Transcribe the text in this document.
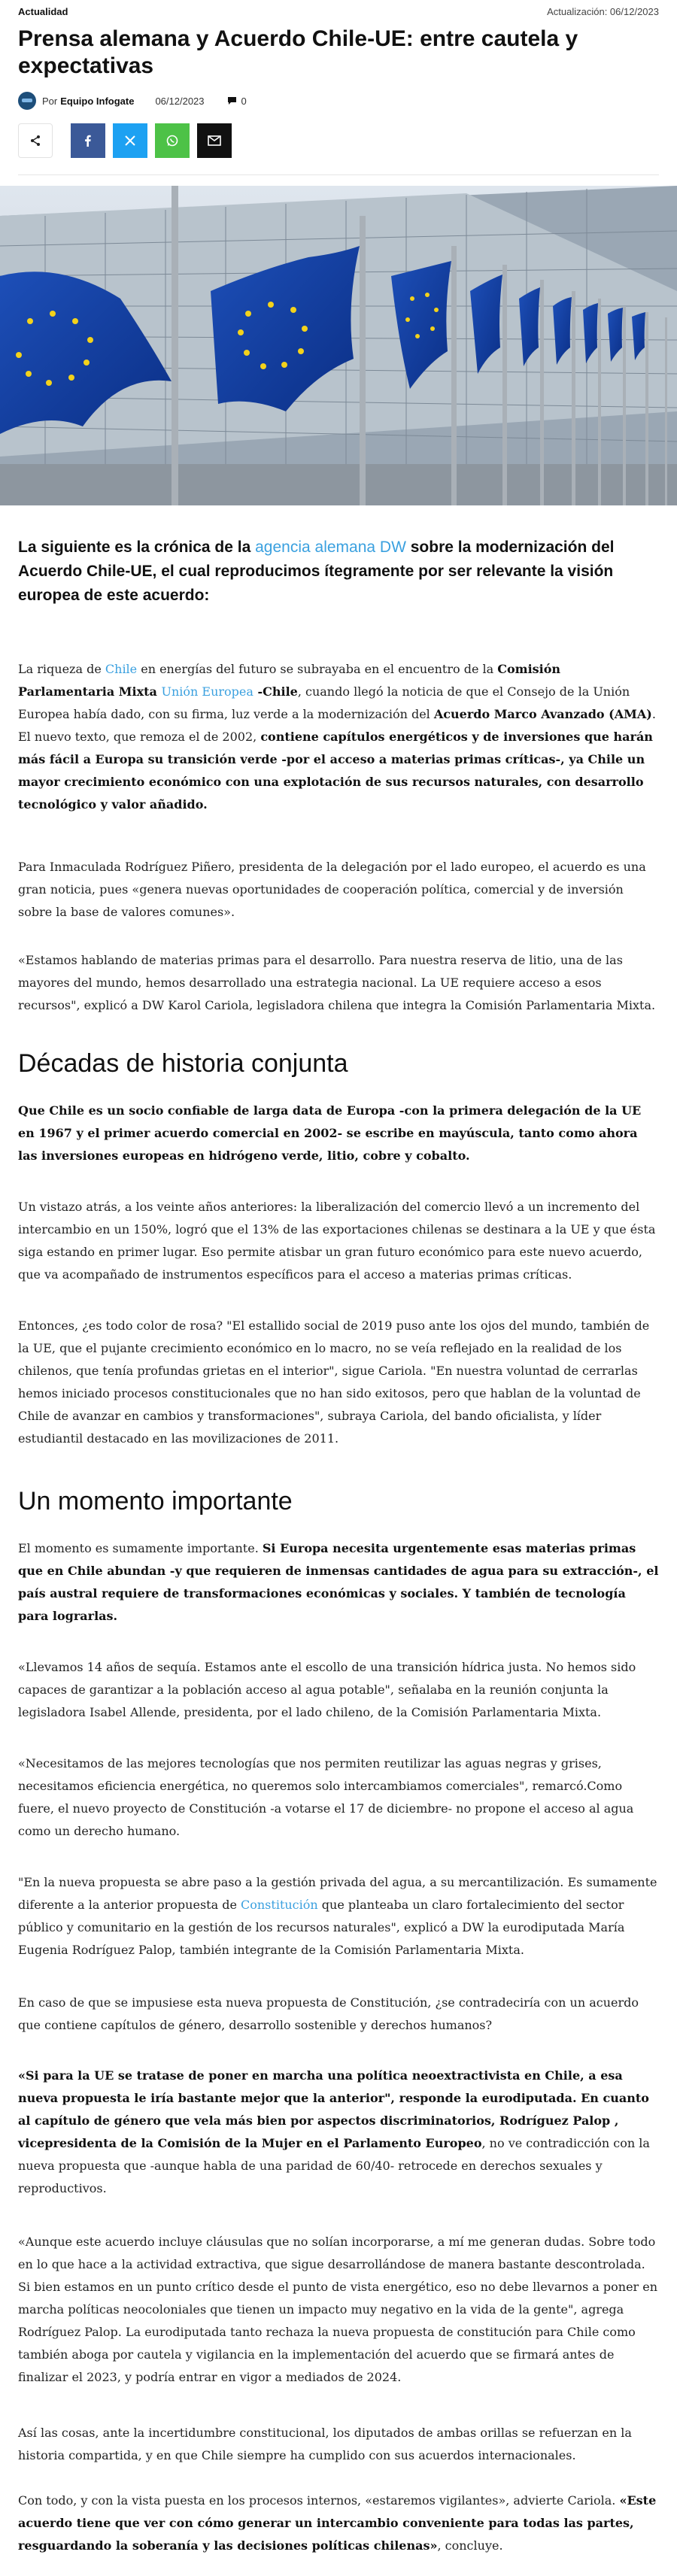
Actualidad	Actualización: 06/12/2023
Prensa alemana y Acuerdo Chile-UE: entre cautela y expectativas
Por Equipo Infogate 06/12/2023	0

La siguiente es la crónica de la agencia alemana DW sobre la modernización del Acuerdo Chile-UE, el cual reproducimos ítegramente por ser relevante la visión europea de este acuerdo:

La riqueza de Chile en energías del futuro se subrayaba en el encuentro de la Comisión Parlamentaria Mixta Unión Europea -Chile, cuando llegó la noticia de que el Consejo de la Unión Europea había dado, con su firma, luz verde a la modernización del Acuerdo Marco Avanzado (AMA). El nuevo texto, que remoza el de 2002, contiene capítulos energéticos y de inversiones que harán más fácil a Europa su transición verde -por el acceso a materias primas críticas-, ya Chile un mayor crecimiento económico con una explotación de sus recursos naturales, con desarrollo tecnológico y valor añadido.

Para Inmaculada Rodríguez Piñero, presidenta de la delegación por el lado europeo, el acuerdo es una gran noticia, pues «genera nuevas oportunidades de cooperación política, comercial y de inversión sobre la base de valores comunes».

«Estamos hablando de materias primas para el desarrollo. Para nuestra reserva de litio, una de las mayores del mundo, hemos desarrollado una estrategia nacional. La UE requiere acceso a esos recursos", explicó a DW Karol Cariola, legisladora chilena que integra la Comisión Parlamentaria Mixta.

Décadas de historia conjunta

Que Chile es un socio confiable de larga data de Europa -con la primera delegación de la UE en 1967 y el primer acuerdo comercial en 2002- se escribe en mayúscula, tanto como ahora las inversiones europeas en hidrógeno verde, litio, cobre y cobalto.

Un vistazo atrás, a los veinte años anteriores: la liberalización del comercio llevó a un incremento del intercambio en un 150%, logró que el 13% de las exportaciones chilenas se destinara a la UE y que ésta siga estando en primer lugar. Eso permite atisbar un gran futuro económico para este nuevo acuerdo, que va acompañado de instrumentos específicos para el acceso a materias primas críticas.

Entonces, ¿es todo color de rosa? "El estallido social de 2019 puso ante los ojos del mundo, también de la UE, que el pujante crecimiento económico en lo macro, no se veía reflejado en la realidad de los chilenos, que tenía profundas grietas en el interior", sigue Cariola. "En nuestra voluntad de cerrarlas hemos iniciado procesos constitucionales que no han sido exitosos, pero que hablan de la voluntad de Chile de avanzar en cambios y transformaciones", subraya Cariola, del bando oficialista, y líder estudiantil destacado en las movilizaciones de 2011.

Un momento importante

El momento es sumamente importante. Si Europa necesita urgentemente esas materias primas que en Chile abundan -y que requieren de inmensas cantidades de agua para su extracción-, el país austral requiere de transformaciones económicas y sociales. Y también de tecnología para lograrlas.

«Llevamos 14 años de sequía. Estamos ante el escollo de una transición hídrica justa. No hemos sido capaces de garantizar a la población acceso al agua potable", señalaba en la reunión conjunta la legisladora Isabel Allende, presidenta, por el lado chileno, de la Comisión Parlamentaria Mixta.

«Necesitamos de las mejores tecnologías que nos permiten reutilizar las aguas negras y grises, necesitamos eficiencia energética, no queremos solo intercambiamos comerciales", remarcó.Como fuere, el nuevo proyecto de Constitución -a votarse el 17 de diciembre- no propone el acceso al agua como un derecho humano.

"En la nueva propuesta se abre paso a la gestión privada del agua, a su mercantilización. Es sumamente diferente a la anterior propuesta de Constitución que planteaba un claro fortalecimiento del sector público y comunitario en la gestión de los recursos naturales", explicó a DW la eurodiputada María Eugenia Rodríguez Palop, también integrante de la Comisión Parlamentaria Mixta.

En caso de que se impusiese esta nueva propuesta de Constitución, ¿se contradeciría con un acuerdo que contiene capítulos de género, desarrollo sostenible y derechos humanos?

«Si para la UE se tratase de poner en marcha una política neoextractivista en Chile, a esa nueva propuesta le iría bastante mejor que la anterior", responde la eurodiputada. En cuanto al capítulo de género que vela más bien por aspectos discriminatorios, Rodríguez Palop , vicepresidenta de la Comisión de la Mujer en el Parlamento Europeo, no ve contradicción con la nueva propuesta que -aunque habla de una paridad de 60/40- retrocede en derechos sexuales y reproductivos.

«Aunque este acuerdo incluye cláusulas que no solían incorporarse, a mí me generan dudas. Sobre todo en lo que hace a la actividad extractiva, que sigue desarrollándose de manera bastante descontrolada. Si bien estamos en un punto crítico desde el punto de vista energético, eso no debe llevarnos a poner en marcha políticas neocoloniales que tienen un impacto muy negativo en la vida de la gente", agrega Rodríguez Palop. La eurodiputada tanto rechaza la nueva propuesta de constitución para Chile como también aboga por cautela y vigilancia en la implementación del acuerdo que se firmará antes de finalizar el 2023, y podría entrar en vigor a mediados de 2024.

Así las cosas, ante la incertidumbre constitucional, los diputados de ambas orillas se refuerzan en la historia compartida, y en que Chile siempre ha cumplido con sus acuerdos internacionales.

Con todo, y con la vista puesta en los procesos internos, «estaremos vigilantes», advierte Cariola. «Este acuerdo tiene que ver con cómo generar un intercambio conveniente para todas las partes, resguardando la soberanía y las decisiones políticas chilenas», concluye.
